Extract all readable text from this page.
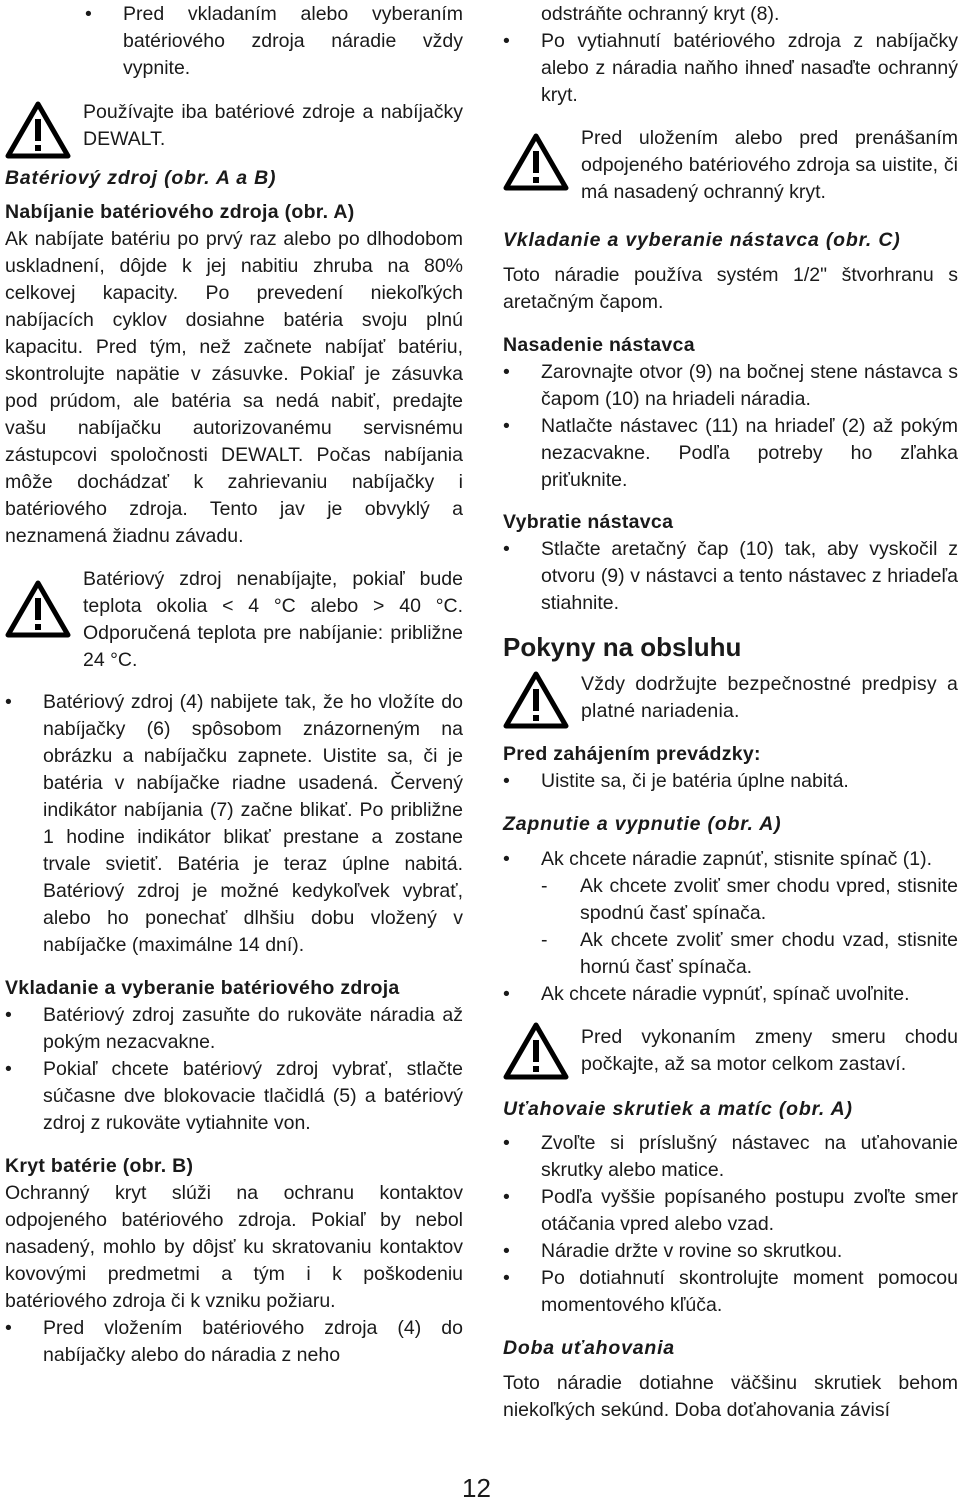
• Pred vkladaním alebo vyberaním batériového zdroja náradie vždy vypnite.

Používajte iba batériové zdroje a nabíjačky DEWALT.

Batériový zdroj (obr. A a B)
Nabíjanie batériového zdroja (obr. A)

Ak nabíjate batériu po prvý raz alebo po dlhodobom uskladnení, dôjde k jej nabitiu zhruba na 80% celkovej kapacity. Po prevedení niekoľkých nabíjacích cyklov dosiahne batéria svoju plnú kapacitu. Pred tým, než začnete nabíjať batériu, skontrolujte napätie v zásuvke. Pokiaľ je zásuvka pod prúdom, ale batéria sa nedá nabiť, predajte vašu nabíjačku autorizovanému servisnému zástupcovi spoločnosti DEWALT. Počas nabíjania môže dochádzať k zahrievaniu nabíjačky i batériového zdroja. Tento jav je obvyklý a neznamená žiadnu závadu.

Batériový zdroj nenabíjajte, pokiaľ bude teplota okolia < 4 °C alebo > 40 °C. Odporučená teplota pre nabíjanie: približne 24 °C.

• Batériový zdroj (4) nabijete tak, že ho vložíte do nabíjačky (6) spôsobom znázorneným na obrázku a nabíjačku zapnete. Uistite sa, či je batéria v nabíjačke riadne usadená. Červený indikátor nabíjania (7) začne blikať. Po približne 1 hodine indikátor blikať prestane a zostane trvale svietiť. Batéria je teraz úplne nabitá. Batériový zdroj je možné kedykoľvek vybrať, alebo ho ponechať dlhšiu dobu vložený v nabíjačke (maximálne 14 dní).
Vkladanie a vyberanie batériového zdroja
• Batériový zdroj zasuňte do rukoväte náradia až pokým nezacvakne.
• Pokiaľ chcete batériový zdroj vybrať, stlačte súčasne dve blokovacie tlačidlá (5) a batériový zdroj z rukoväte vytiahnite von.
Kryt batérie (obr. B)

Ochranný kryt slúži na ochranu kontaktov odpojeného batériového zdroja. Pokiaľ by nebol nasadený, mohlo by dôjsť ku skratovaniu kontaktov kovovými predmetmi a tým i k poškodeniu batériového zdroja či k vzniku požiaru.

• Pred vložením batériového zdroja (4) do nabíjačky alebo do náradia z neho

odstráňte ochranný kryt (8).

• Po vytiahnutí batériového zdroja z nabíjačky alebo z náradia naňho ihneď nasaďte ochranný kryt.

Pred uložením alebo pred prenášaním odpojeného batériového zdroja sa uistite, či má nasadený ochranný kryt.

Vkladanie a vyberanie nástavca (obr. C)

Toto náradie používa systém 1/2" štvorhranu s aretačným čapom.

Nasadenie nástavca
• Zarovnajte otvor (9) na bočnej stene nástavca s čapom (10) na hriadeli náradia.
• Natlačte nástavec (11) na hriadeľ (2) až pokým nezacvakne. Podľa potreby ho zľahka priťuknite.
Vybratie nástavca
• Stlačte aretačný čap (10) tak, aby vyskočil z otvoru (9) v nástavci a tento nástavec z hriadeľa stiahnite.
Pokyny na obsluhu

Vždy dodržujte bezpečnostné predpisy a platné nariadenia.

Pred zahájením prevádzky:
• Uistite sa, či je batéria úplne nabitá.
Zapnutie a vypnutie (obr. A)
• Ak chcete náradie zapnúť, stisnite spínač (1).
- Ak chcete zvoliť smer chodu vpred, stisnite spodnú časť spínača.
- Ak chcete zvoliť smer chodu vzad, stisnite hornú časť spínača.
• Ak chcete náradie vypnúť, spínač uvoľnite.

Pred vykonaním zmeny smeru chodu počkajte, až sa motor celkom zastaví.

Uťahovaie skrutiek a matíc (obr. A)
• Zvoľte si príslušný nástavec na uťahovanie skrutky alebo matice.
• Podľa vyššie popísaného postupu zvoľte smer otáčania vpred alebo vzad.
• Náradie držte v rovine so skrutkou.
• Po dotiahnutí skontrolujte moment pomocou momentového kľúča.
Doba uťahovania

Toto náradie dotiahne väčšinu skrutiek behom niekoľkých sekúnd. Doba doťahovania závisí

12
